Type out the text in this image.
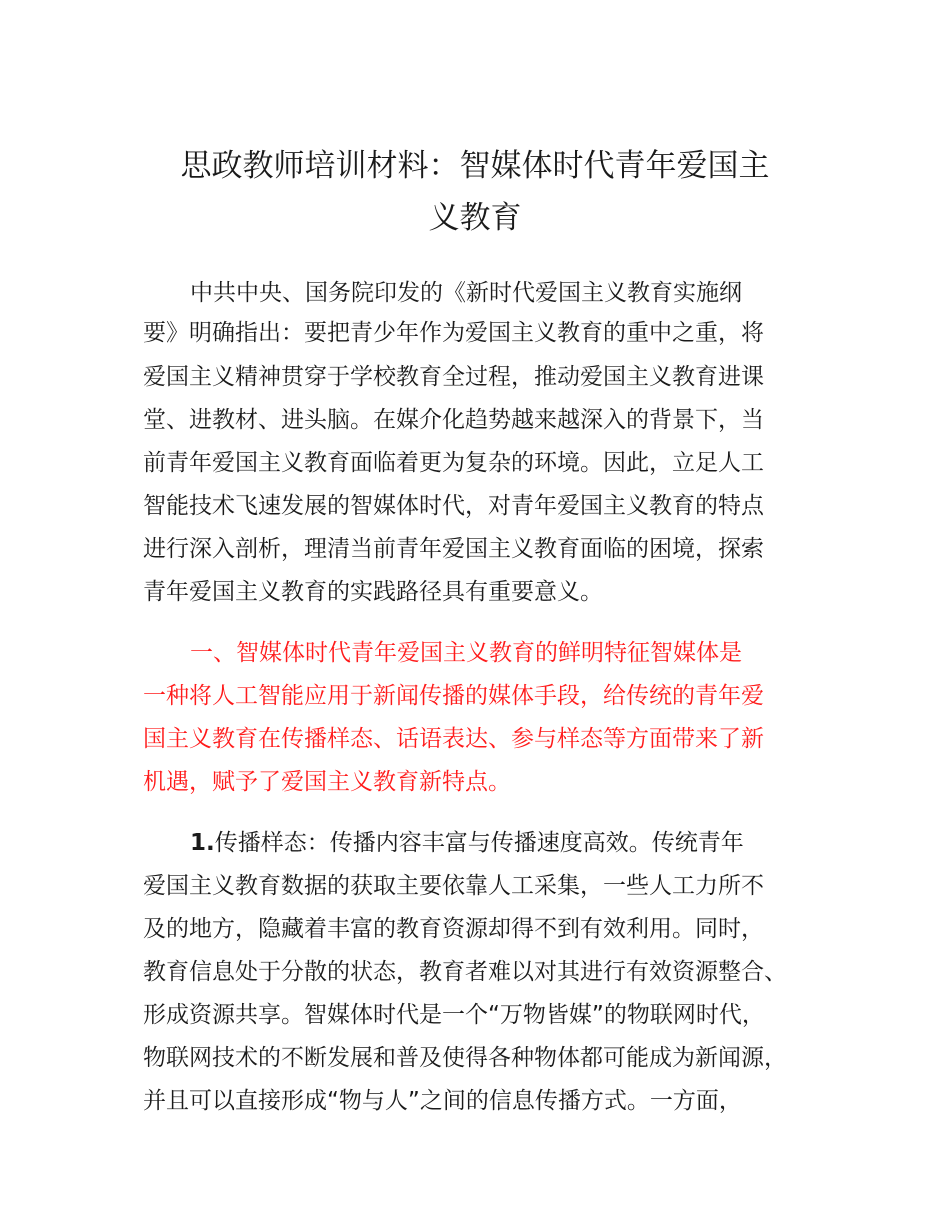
思政教师培训材料：智媒体时代青年爱国主
义教育
中共中央、国务院印发的《新时代爱国主义教育实施纲
要》明确指出：要把青少年作为爱国主义教育的重中之重，将
爱国主义精神贯穿于学校教育全过程，推动爱国主义教育进课
堂、进教材、进头脑。在媒介化趋势越来越深入的背景下，当
前青年爱国主义教育面临着更为复杂的环境。因此，立足人工
智能技术飞速发展的智媒体时代，对青年爱国主义教育的特点
进行深入剖析，理清当前青年爱国主义教育面临的困境，探索
青年爱国主义教育的实践路径具有重要意义。
一、智媒体时代青年爱国主义教育的鲜明特征智媒体是
一种将人工智能应用于新闻传播的媒体手段，给传统的青年爱
国主义教育在传播样态、话语表达、参与样态等方面带来了新
机遇，赋予了爱国主义教育新特点。
1.传播样态：传播内容丰富与传播速度高效。传统青年
爱国主义教育数据的获取主要依靠人工采集，一些人工力所不
及的地方，隐藏着丰富的教育资源却得不到有效利用。同时，
教育信息处于分散的状态，教育者难以对其进行有效资源整合、
形成资源共享。智媒体时代是一个“万物皆媒”的物联网时代，
物联网技术的不断发展和普及使得各种物体都可能成为新闻源，
并且可以直接形成“物与人”之间的信息传播方式。一方面，
